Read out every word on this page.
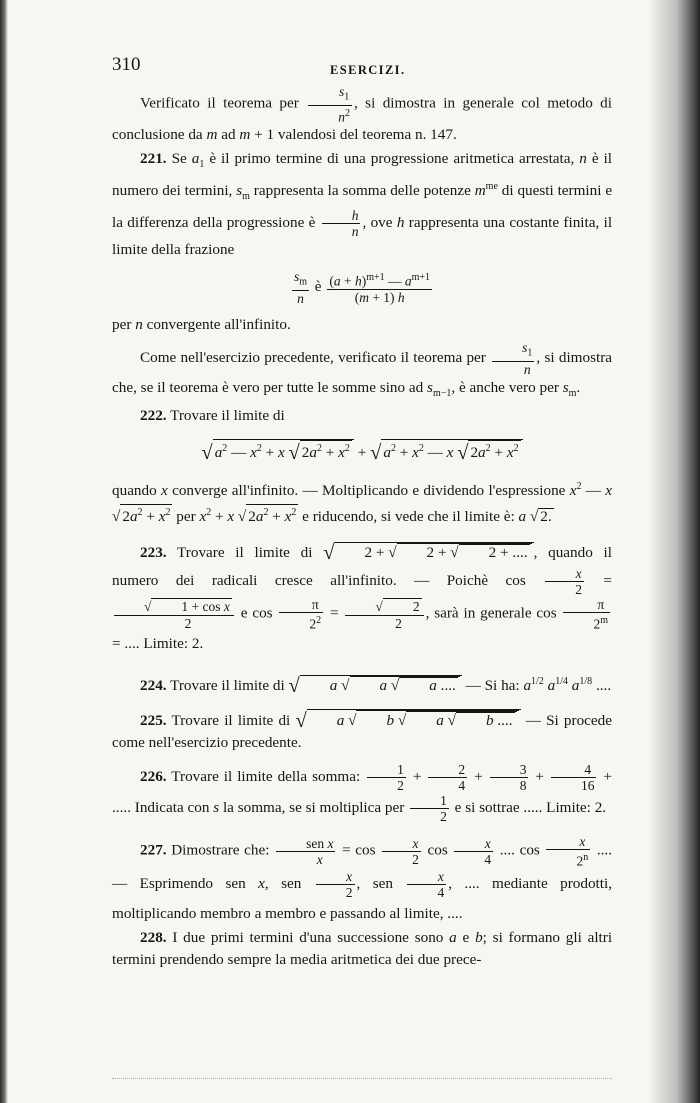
310	ESERCIZI.

Verificato il teorema per $\frac{s_1}{n^2}$ , si dimostra in generale col metodo di conclusione da m ad m + 1 valendosi del teorema n. 147.

221. Se $a_1$ è il primo termine di una progressione aritmetica arrestata, n è il numero dei termini, $s_m$ rappresenta la somma delle potenze $m^{me}$ di questi termini e la differenza della progressione è $\frac{h}{n}$ , ove h rappresenta una costante finita, il limite della frazione

$\frac{s_m}{n}$ è $\frac{(a + h)^{m+1} — a^{m+1}}{(m + 1) h}$

per n convergente all'infinito.

Come nell'esercizio precedente, verificato il teorema per $\frac{s_1}{n}$ , si dimostra che, se il teorema è vero per tutte le somme sino ad $s_{m-1}$, è anche vero per $s_m$.

222. Trovare il limite di

√ $a^2$ — $x^2 + x$ √ $2a^2 + x^2$ + √ $a^2 + x^2$ — x √ $2a^2 + x^2$

quando x converge all'infinito. — Moltiplicando e dividendo l'espressione $x^2$ — x √ $2a^2 + x^2$ per $x^2 + x$ √ $2a^2 + x^2$ e riducendo, si vede che il limite è: a √ 2.

223. Trovare il limite di √ 2 + √ 2 + √ 2 + .... , quando il numero dei radicali cresce all'infinito. — Poichè $\cos \frac{x}{2}$ =
$\frac{\text{√ 1 + cos x}}{2}$ e $\cos \frac{\pi}{2^2} = \frac{√ 2}{2}$ , sarà in generale $\cos \frac{\pi}{2^m}$
= .... Limite: 2.

224. Trovare il limite di √ a √ a √ a .... — Si ha: $a^{1/2}$ $a^{1/4}$ $a^{1/8}$ ....

225. Trovare il limite di √ a √ b √ a √ b .... — Si procede come nell'esercizio precedente.

226. Trovare il limite della somma: $\frac{1}{2} + \frac{2}{4} + \frac{3}{8} + \frac{4}{16}$ + ..... Indicata con s la somma, se si moltiplica per $\frac{1}{2}$ e si sottrae ..... Limite: 2.

227. Dimostrare che:	sen x
x
= $\cos \frac{x}{2}$ $\cos \frac{x}{4}$ .... $\cos \frac{x}{2^n}$ .... — Esprimendo sen x, sen $\frac{x}{2}$ , sen $\frac{x}{4}$ , .... mediante prodotti, moltiplicando membro a membro e passando al limite, ....

228. I due primi termini d'una successione sono a e b; si formano gli altri termini prendendo sempre la media aritmetica dei due prece-
